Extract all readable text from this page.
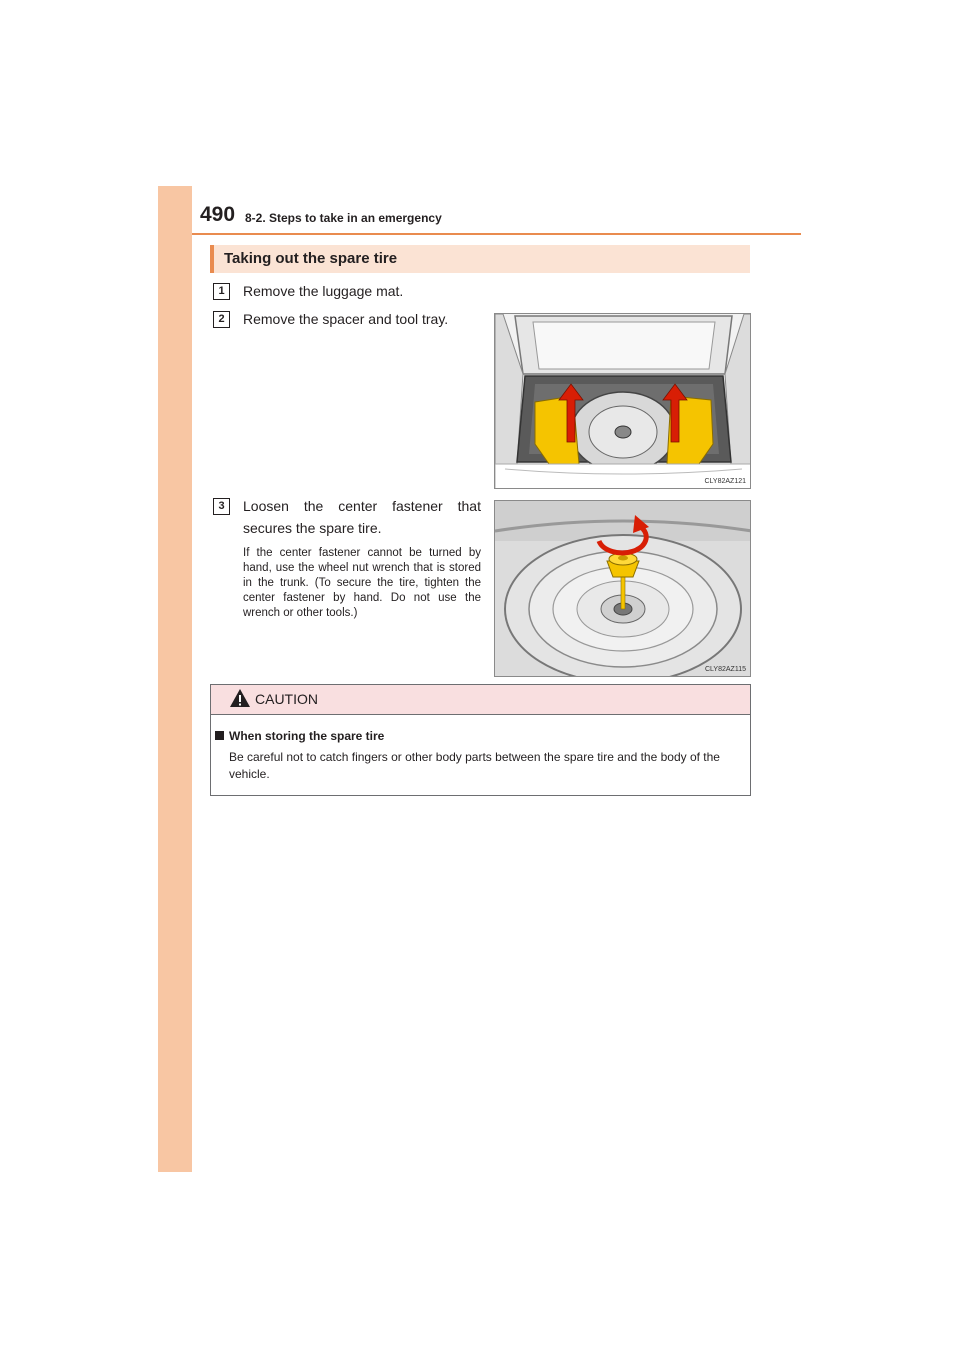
490 8-2. Steps to take in an emergency
Taking out the spare tire
1	Remove the luggage mat.
2	Remove the spacer and tool tray.
CLY82AZ121
3	Loosen the center fastener that secures the spare tire.
If the center fastener cannot be turned by hand, use the wheel nut wrench that is stored in the trunk. (To secure the tire, tighten the center fastener by hand. Do not use the wrench or other tools.)
CLY82AZ115
CAUTION
When storing the spare tire
Be careful not to catch fingers or other body parts between the spare tire and the body of the vehicle.
